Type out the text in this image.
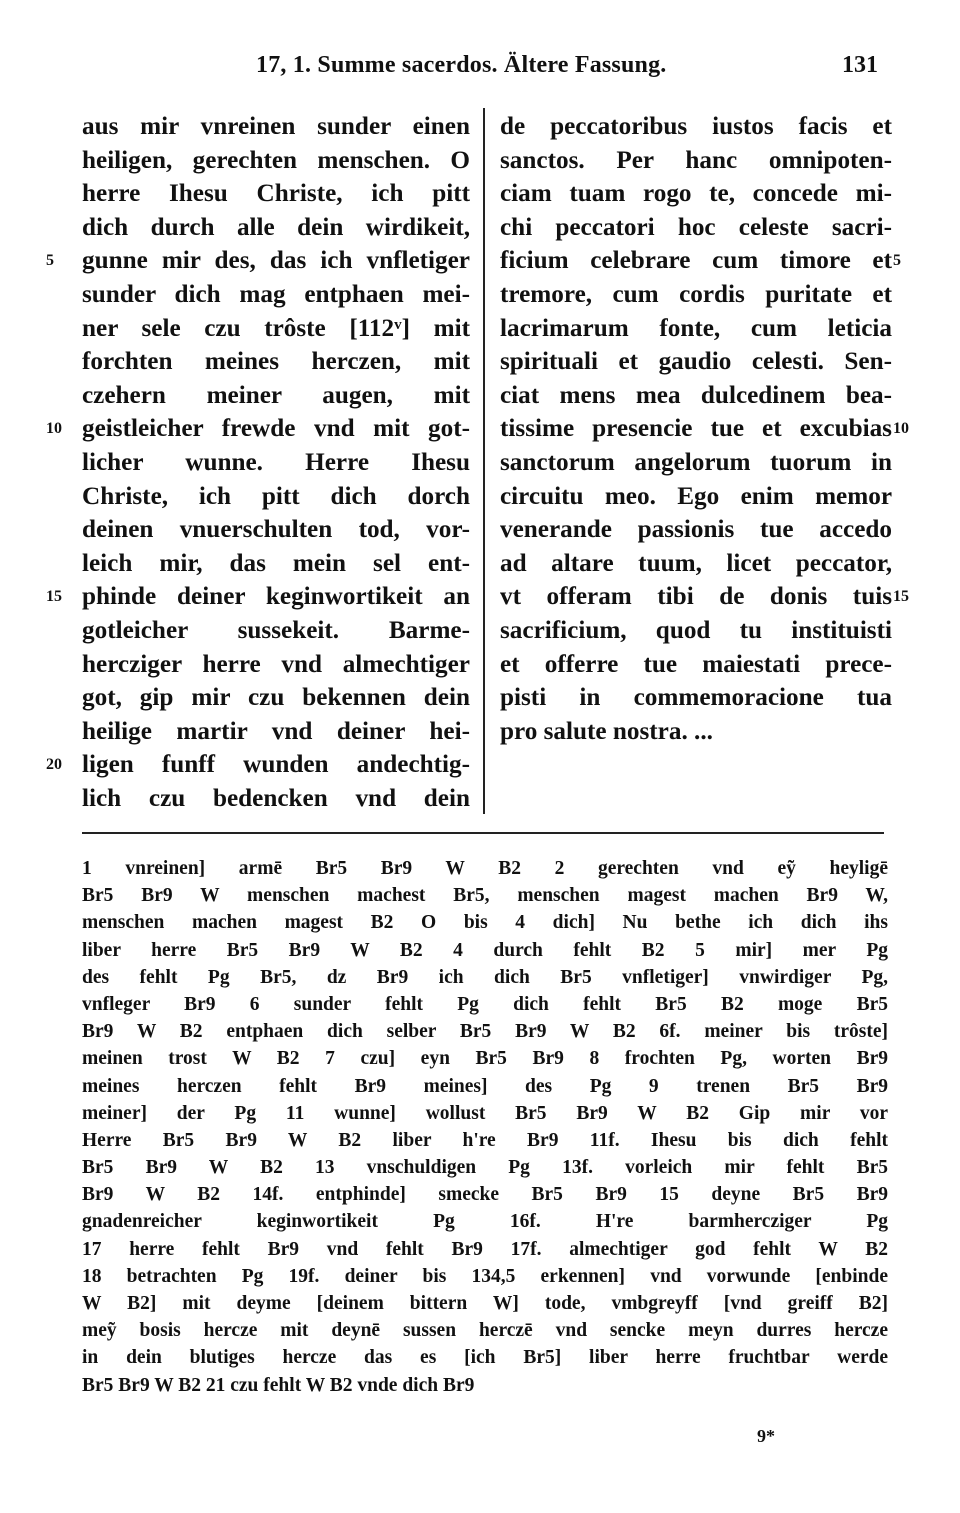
17, 1. Summe sacerdos. Ältere Fassung.	131
aus mir vnreinen sunder einen
heiligen, gerechten menschen. O
herre Ihesu Christe, ich pitt
dich durch alle dein wirdikeit,
gunne mir des, das ich vnfletiger
sunder dich mag entphaen mei-
ner sele czu trôste [112ᵛ] mit
forchten meines herczen, mit
czehern meiner augen, mit
geistleicher frewde vnd mit got-
licher wunne. Herre Ihesu
Christe, ich pitt dich dorch
deinen vnuerschulten tod, vor-
leich mir, das mein sel ent-
phinde deiner keginwortikeit an
gotleicher sussekeit. Barme-
hercziger herre vnd almechtiger
got, gip mir czu bekennen dein
heilige martir vnd deiner hei-
ligen funff wunden andechtig-
lich czu bedencken vnd dein
de peccatoribus iustos facis et
sanctos. Per hanc omnipoten-
ciam tuam rogo te, concede mi-
chi peccatori hoc celeste sacri-
ficium celebrare cum timore et
tremore, cum cordis puritate et
lacrimarum fonte, cum leticia
spirituali et gaudio celesti. Sen-
ciat mens mea dulcedinem bea-
tissime presencie tue et excubias
sanctorum angelorum tuorum in
circuitu meo. Ego enim memor
venerande passionis tue accedo
ad altare tuum, licet peccator,
vt offeram tibi de donis tuis
sacrificium, quod tu instituisti
et offerre tue maiestati prece-
pisti in commemoracione tua
pro salute nostra. ...
5
10
15
20
5
10
15
1 vnreinen] armē Br5 Br9 W B2 2 gerechten vnd eỹ heyligē
Br5 Br9 W menschen machest Br5, menschen magest machen Br9 W,
menschen machen magest B2 O bis 4 dich] Nu bethe ich dich ihs
liber herre Br5 Br9 W B2 4 durch fehlt B2 5 mir] mer Pg
des fehlt Pg Br5, dz Br9 ich dich Br5 vnfletiger] vnwirdiger Pg,
vnfleger Br9 6 sunder fehlt Pg dich fehlt Br5 B2 moge Br5
Br9 W B2 entphaen dich selber Br5 Br9 W B2 6f. meiner bis trôste]
meinen trost W B2 7 czu] eyn Br5 Br9 8 frochten Pg, worten Br9
meines herczen fehlt Br9 meines] des Pg 9 trenen Br5 Br9
meiner] der Pg 11 wunne] wollust Br5 Br9 W B2 Gip mir vor
Herre Br5 Br9 W B2 liber h're Br9 11f. Ihesu bis dich fehlt
Br5 Br9 W B2 13 vnschuldigen Pg 13f. vorleich mir fehlt Br5
Br9 W B2 14f. entphinde] smecke Br5 Br9 15 deyne Br5 Br9
gnadenreicher keginwortikeit Pg 16f. H're barmhercziger Pg
17 herre fehlt Br9 vnd fehlt Br9 17f. almechtiger god fehlt W B2
18 betrachten Pg 19f. deiner bis 134,5 erkennen] vnd vorwunde [enbinde
W B2] mit deyme [deinem bittern W] tode, vmbgreyff [vnd greiff B2]
meỹ bosis hercze mit deynē sussen herczē vnd sencke meyn durres hercze
in dein blutiges hercze das es [ich Br5] liber herre fruchtbar werde
Br5 Br9 W B2 21 czu fehlt W B2 vnde dich Br9
9*
